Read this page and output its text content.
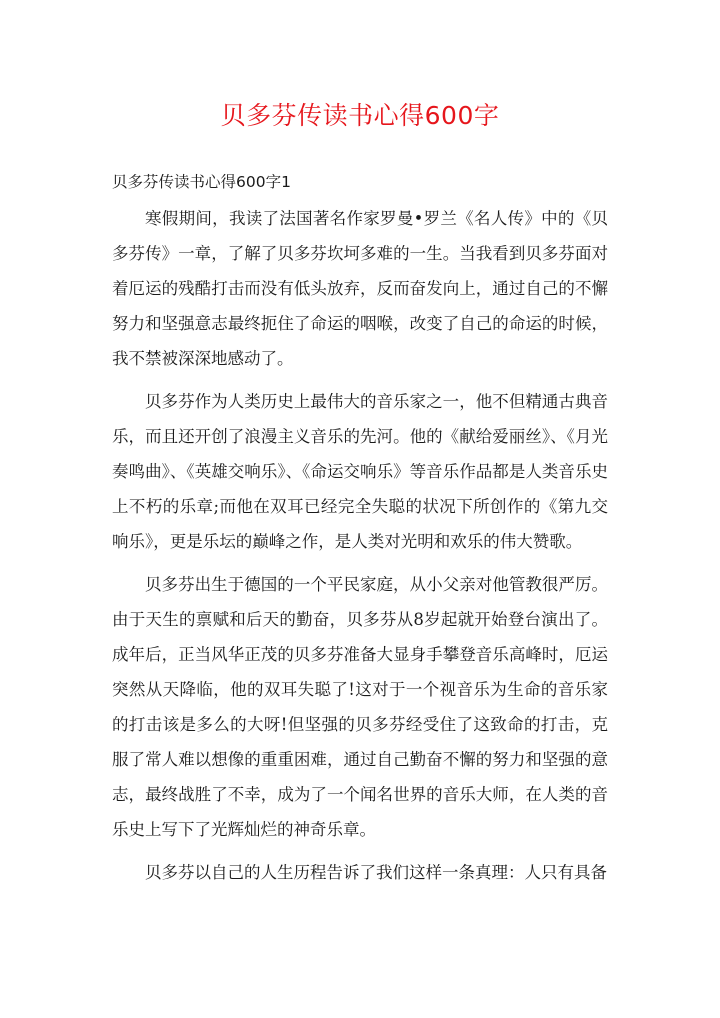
贝多芬传读书心得600字
贝多芬传读书心得600字1

寒假期间，我读了法国著名作家罗曼•罗兰《名人传》中的《贝多芬传》一章，了解了贝多芬坎坷多难的一生。当我看到贝多芬面对着厄运的残酷打击而没有低头放弃，反而奋发向上，通过自己的不懈努力和坚强意志最终扼住了命运的咽喉，改变了自己的命运的时候，我不禁被深深地感动了。

贝多芬作为人类历史上最伟大的音乐家之一，他不但精通古典音乐，而且还开创了浪漫主义音乐的先河。他的《献给爱丽丝》、《月光奏鸣曲》、《英雄交响乐》、《命运交响乐》等音乐作品都是人类音乐史上不朽的乐章;而他在双耳已经完全失聪的状况下所创作的《第九交响乐》，更是乐坛的巅峰之作，是人类对光明和欢乐的伟大赞歌。

贝多芬出生于德国的一个平民家庭，从小父亲对他管教很严厉。由于天生的禀赋和后天的勤奋，贝多芬从8岁起就开始登台演出了。成年后，正当风华正茂的贝多芬准备大显身手攀登音乐高峰时，厄运突然从天降临，他的双耳失聪了!这对于一个视音乐为生命的音乐家的打击该是多么的大呀!但坚强的贝多芬经受住了这致命的打击，克服了常人难以想像的重重困难，通过自己勤奋不懈的努力和坚强的意志，最终战胜了不幸，成为了一个闻名世界的音乐大师，在人类的音乐史上写下了光辉灿烂的神奇乐章。

贝多芬以自己的人生历程告诉了我们这样一条真理：人只有具备
